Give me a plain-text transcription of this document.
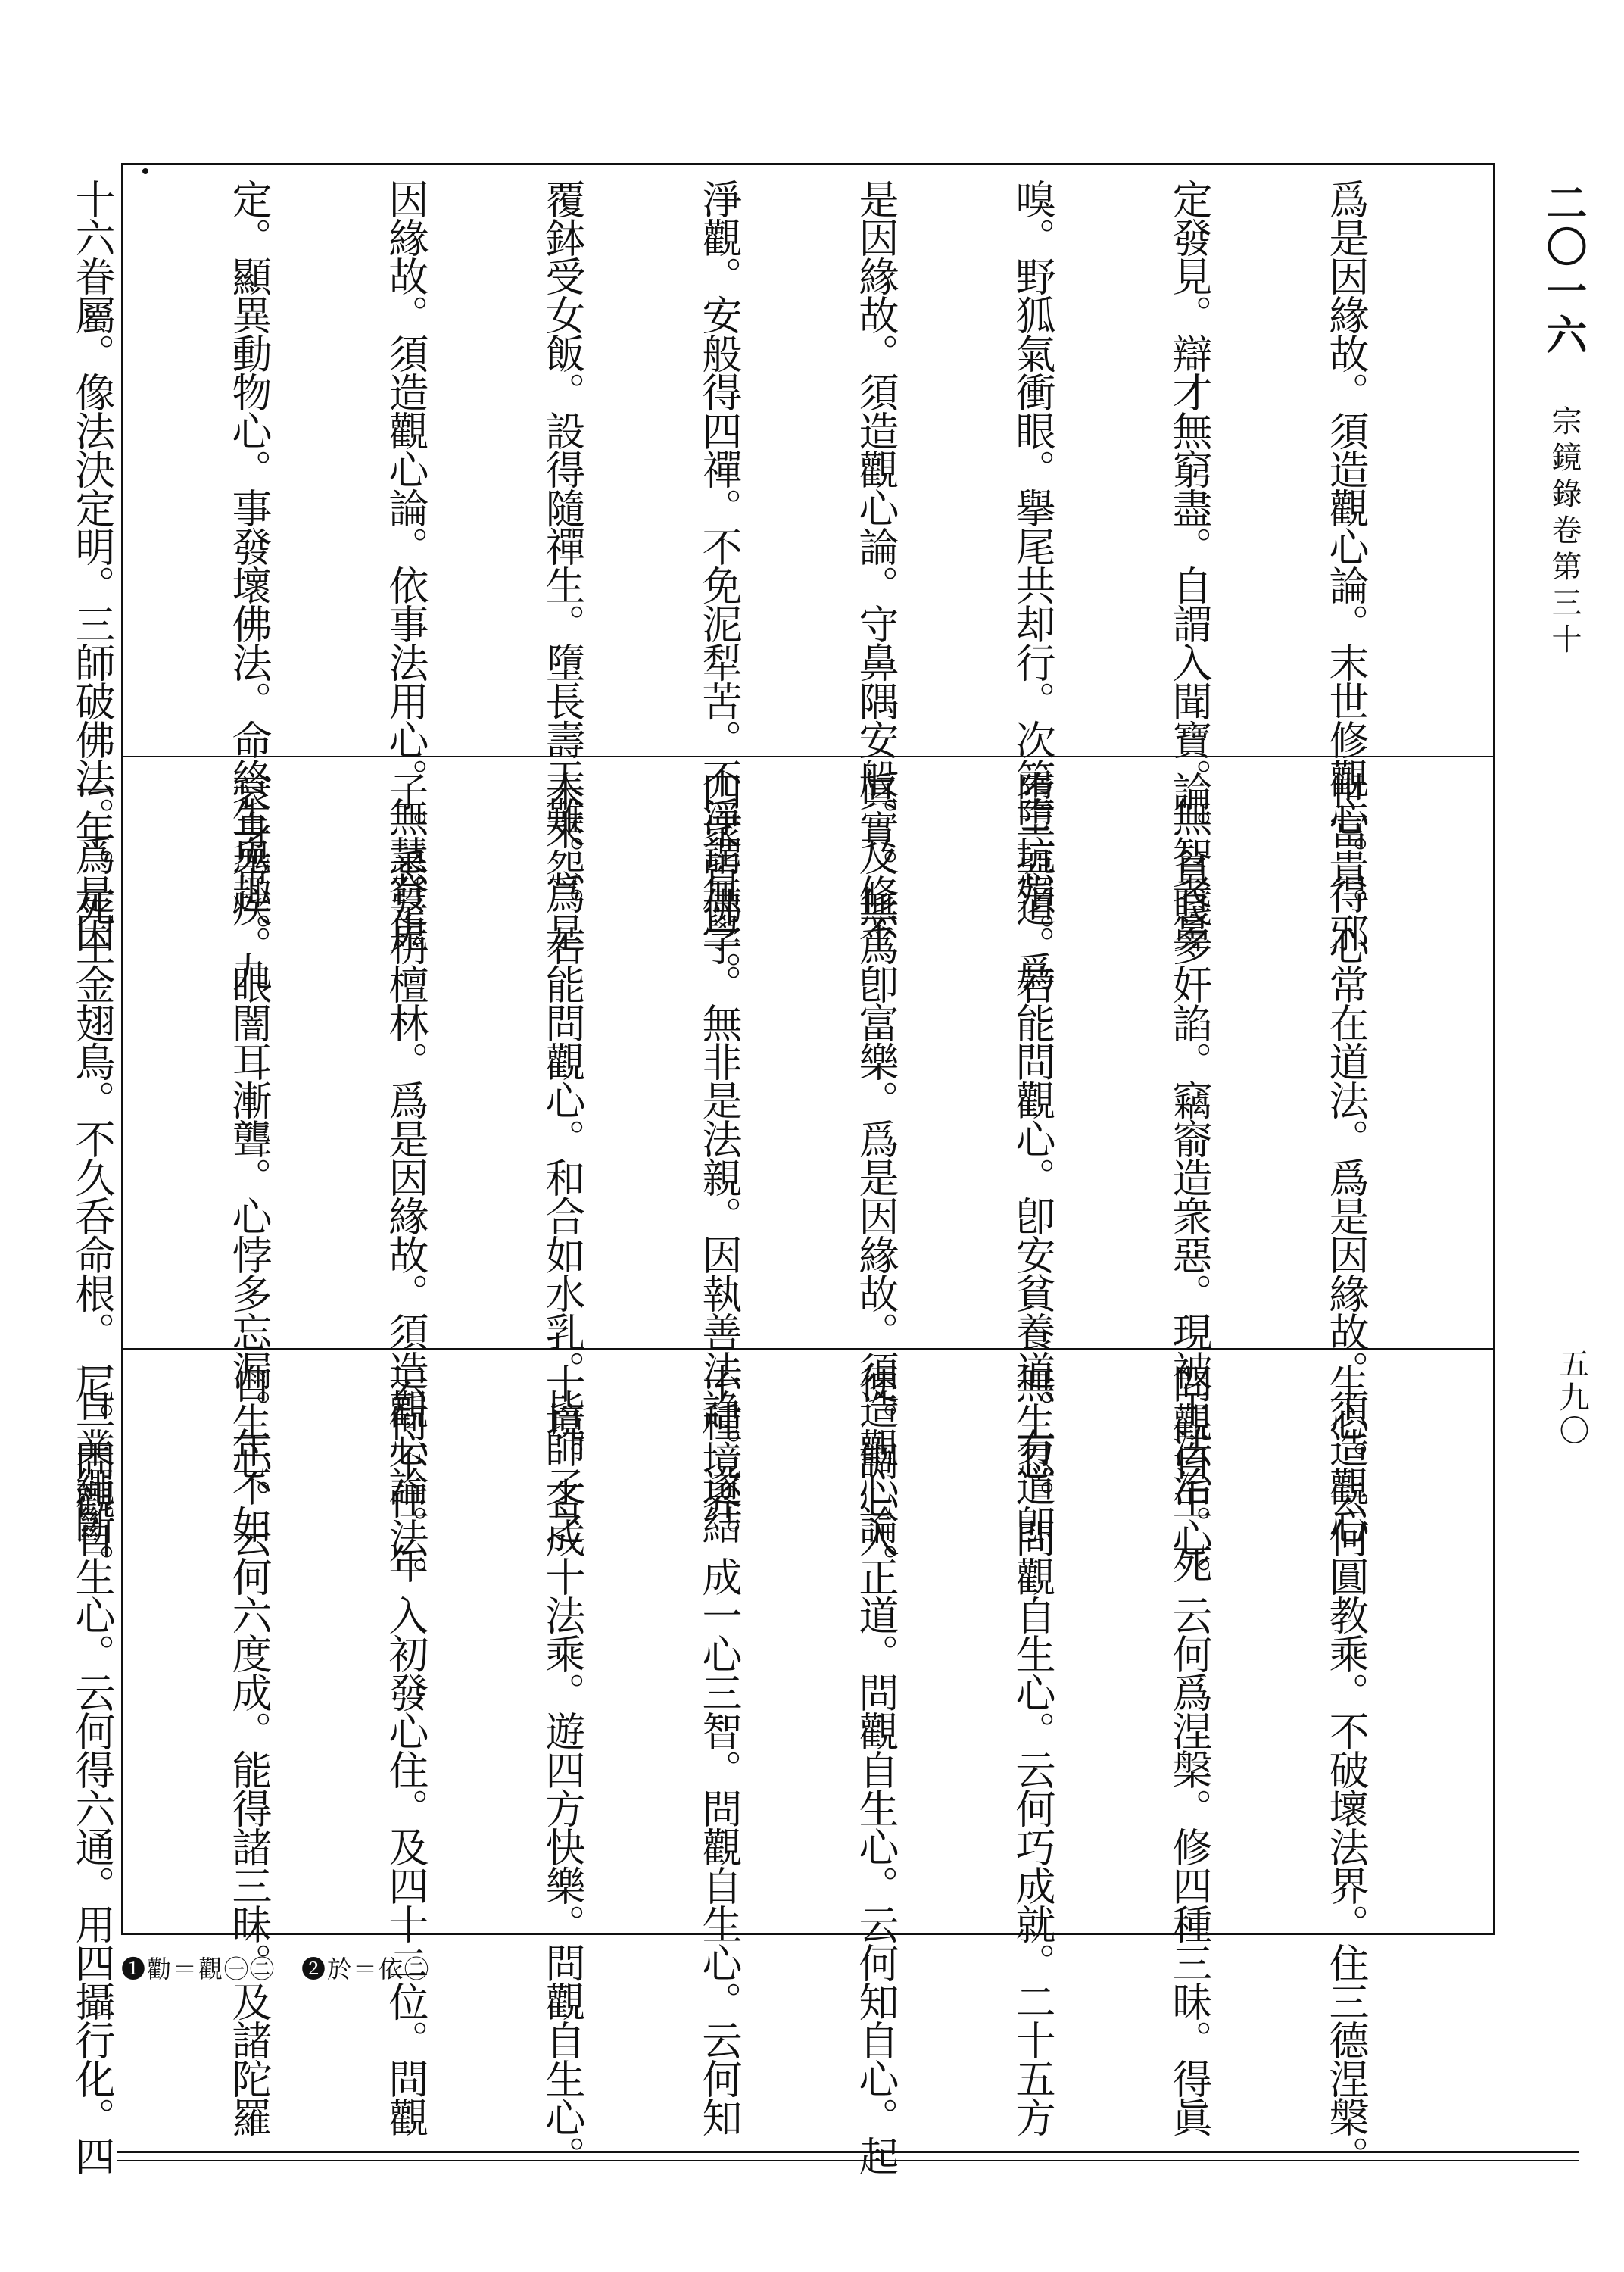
爲是因緣故。須造觀心論。末世修觀心。得邪

定發見。辯才無窮盡。自謂入聞寶。無智者鼻

嗅。野狐氣衝眼。擧尾共却行。次第墮坑殞。爲

是因緣故。須造觀心論。守鼻隅安般。及修不

淨觀。安般得四禪。不免泥犁苦。不淨謂無學。

覆鉢受女飯。設得隨禪生。墮長壽天難。爲是

因緣故。須造觀心論。依事法用心。無慧發鬼

定。顯異動物心。事發壞佛法。命終生鬼趣。九

十六眷屬。像法決定明。三師破佛法。爲是因

世富貴。心常在道法。爲是因緣故。須造觀心

論。貧賤多奸諂。竊窬造衆惡。現被王法治。死

墮三惡道。若能問觀心。卽安貧養道。有道卽

眞實。無爲卽富樂。爲是因緣故。須造觀心論。

四衆皆佛子。無非是法親。因執善法諍。遂結

未來怨。若能問觀心。和合如水乳。皆師子之

子。悉是栴檀林。爲是因緣故。須造觀心論。年

衰身帶疾。眼闇耳漸聾。心悖多忘漏。年不如

一年。死王金翅鳥。不久呑命根。一旦業繩斷。

生心。云何圓教乘。不破壞法界。住三德涅槃。

問觀自生心。云何爲涅槃。修四種三昧。得眞

無生忍。問觀自生心。云何巧成就。二十五方

便。調心入正道。問觀自生心。云何知自心。起

十種境界。成一心三智。問觀自生心。云何知

十境。各成十法乘。遊四方快樂。問觀自生心。

云何不住法。入初發心住。及四十二位。問觀

自生心。云何六度成。能得諸三昧。及諸陀羅

尼。問觀自生心。云何得六通。用四攝行化。四

二〇一六 宗鏡錄卷第三十
五九〇
❶勸＝觀㊀㊁　❷於＝依㊁
